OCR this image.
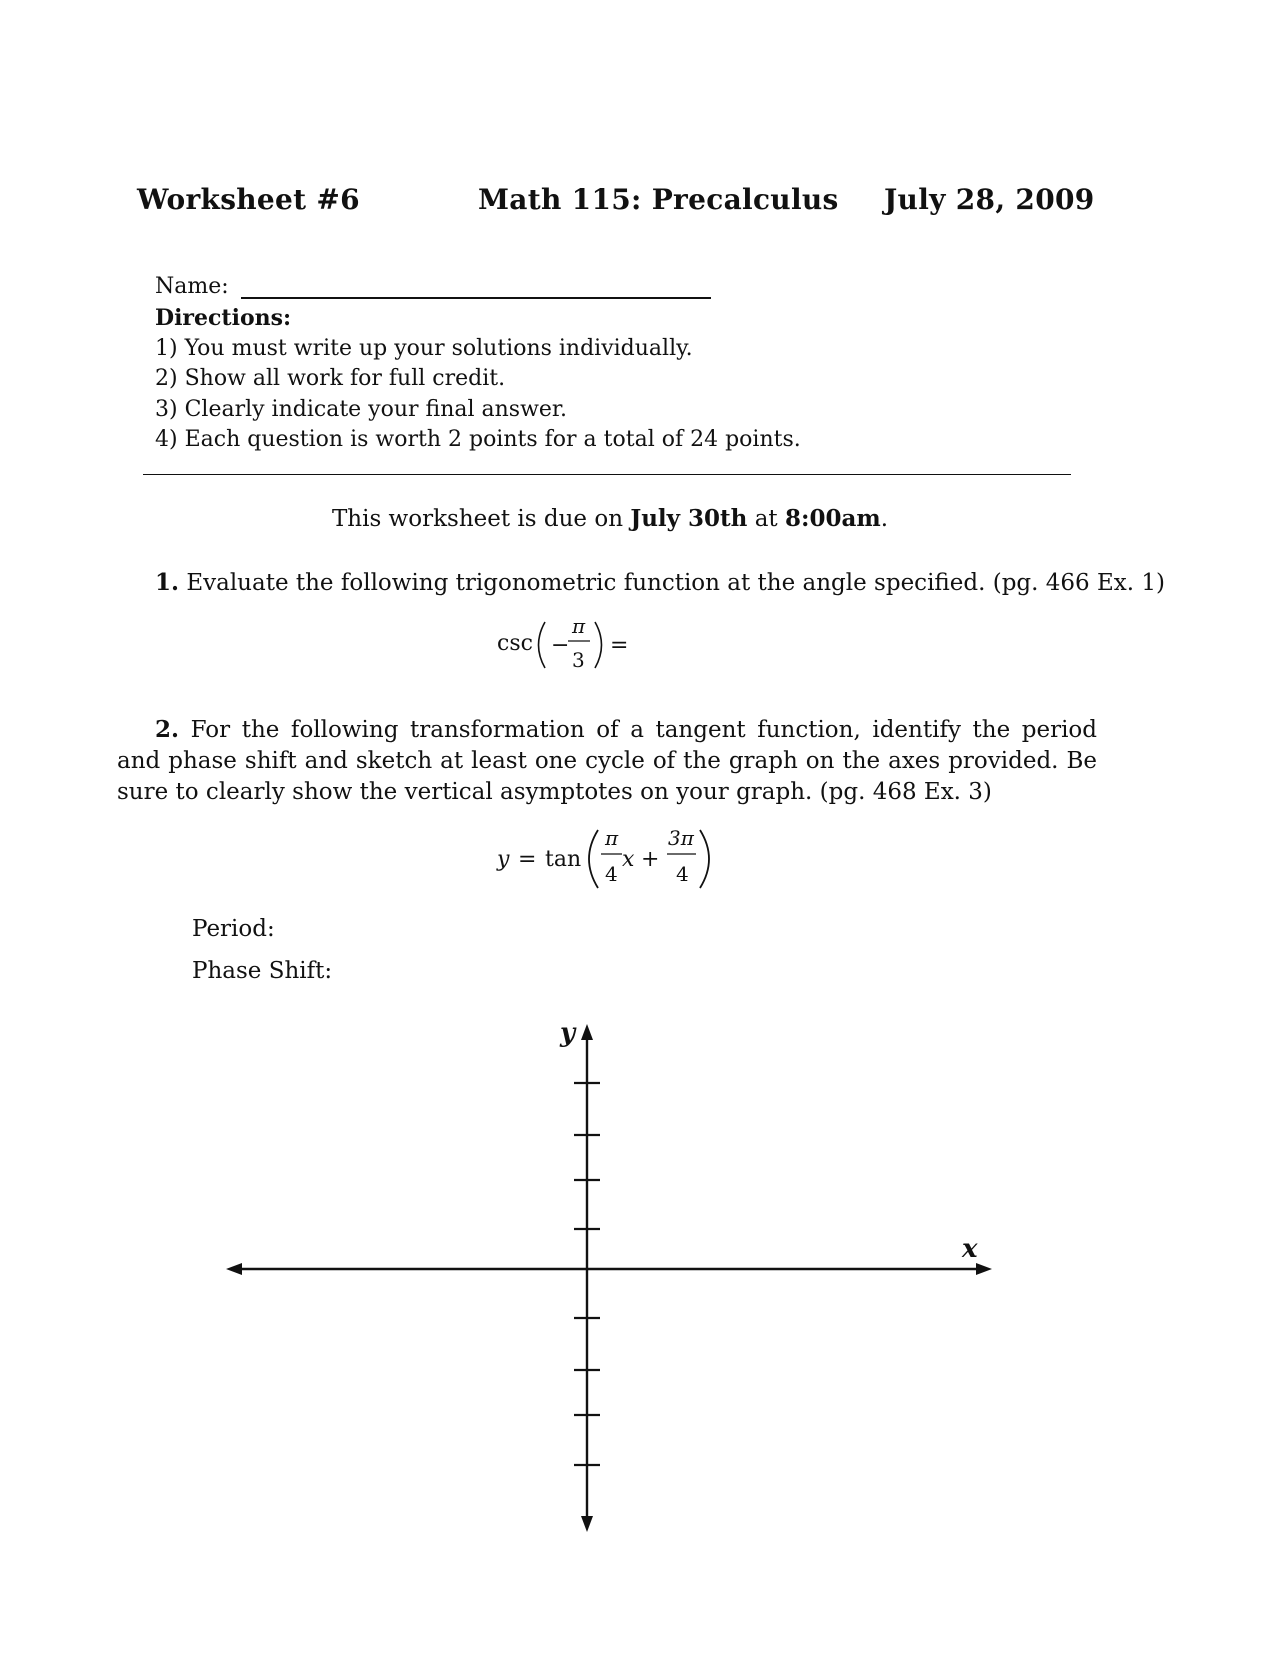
Worksheet #6	Math 115: Precalculus July 28, 2009
Name:
Directions:
1) You must write up your solutions individually.
2) Show all work for full credit.
3) Clearly indicate your final answer.
4) Each question is worth 2 points for a total of 24 points.
This worksheet is due on July 30th at 8:00am.
1. Evaluate the following trigonometric function at the angle specified. (pg. 466 Ex. 1)
csc −
π
3
=
y = tan
π
4
x +
3π
4
2. For the following transformation of a tangent function, identify the period and phase shift and sketch at least one cycle of the graph on the axes provided. Be sure to clearly show the vertical asymptotes on your graph. (pg. 468 Ex. 3)
Period:
Phase Shift:
y
x
